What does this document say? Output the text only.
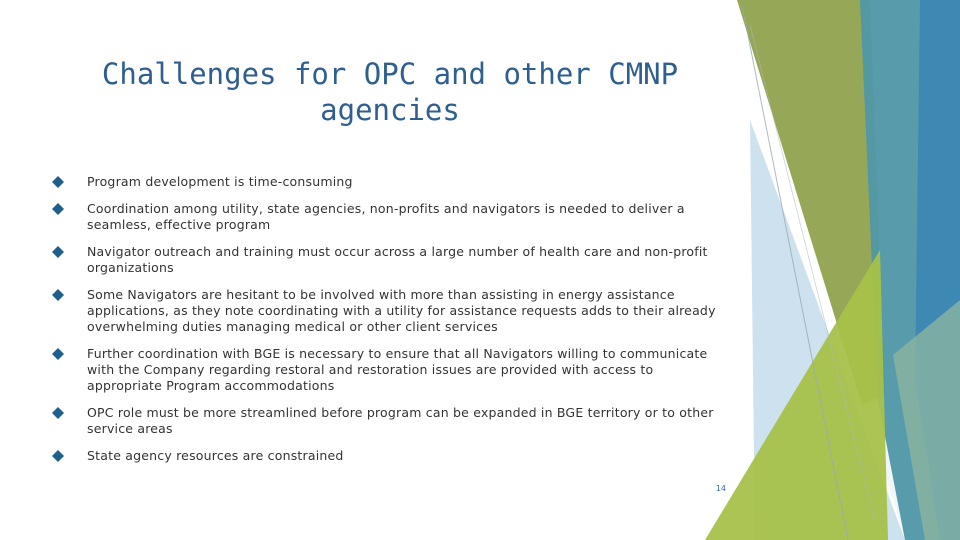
Challenges for OPC and other CMNP agencies
Program development is time-consuming
Coordination among utility, state agencies, non-profits and navigators is needed to deliver a seamless, effective program
Navigator outreach and training must occur across a large number of health care and non-profit organizations
Some Navigators are hesitant to be involved with more than assisting in energy assistance applications, as they note coordinating with a utility for assistance requests adds to their already overwhelming duties managing medical or other client services
Further coordination with BGE is necessary to ensure that all Navigators willing to communicate with the Company regarding restoral and restoration issues are provided with access to appropriate Program accommodations
OPC role must be more streamlined before program can be expanded in BGE territory or to other service areas
State agency resources are constrained
14
